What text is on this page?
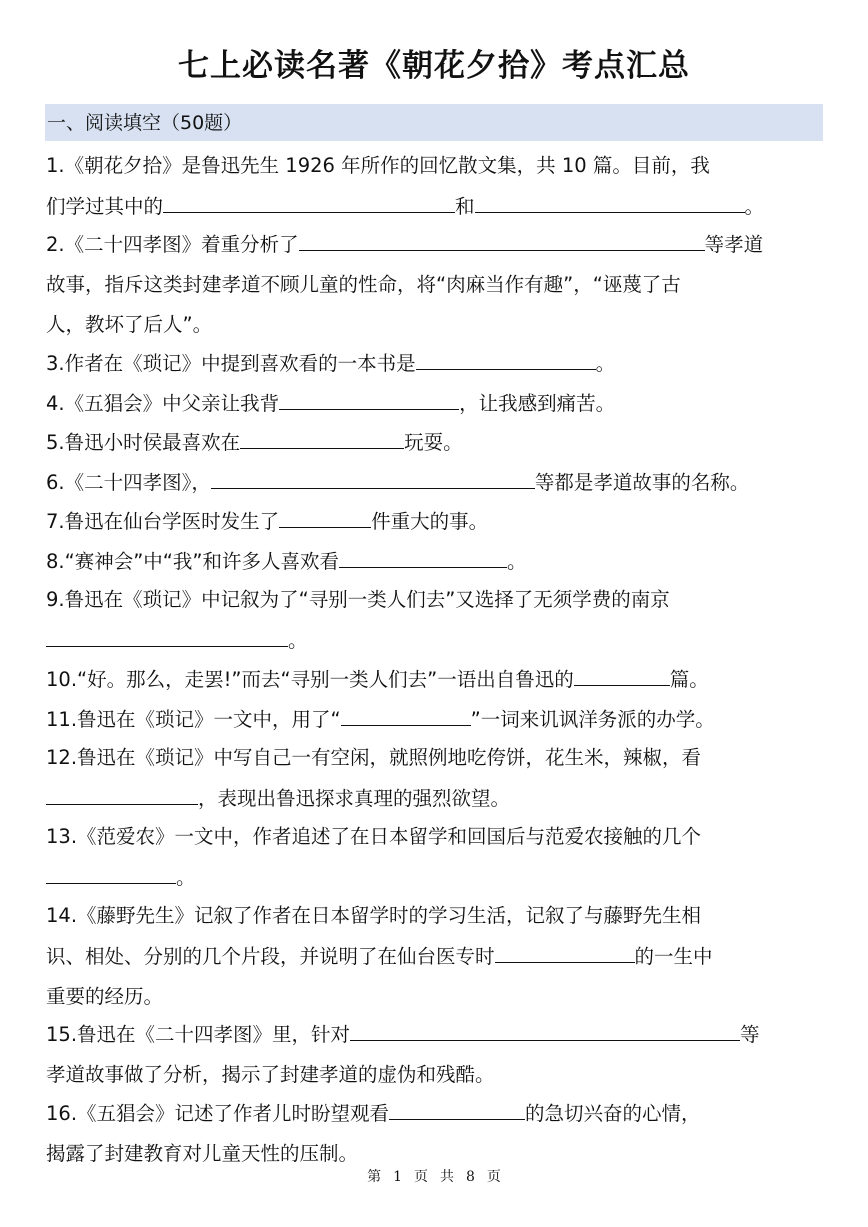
七上必读名著《朝花夕拾》考点汇总
一、阅读填空（50题）
1.《朝花夕拾》是鲁迅先生 1926 年所作的回忆散文集，共 10 篇。目前，我
们学过其中的	和	。
2.《二十四孝图》着重分析了	等孝道
故事，指斥这类封建孝道不顾儿童的性命，将“肉麻当作有趣”，“诬蔑了古
人，教坏了后人”。
3.作者在《琐记》中提到喜欢看的一本书是	。
4.《五猖会》中父亲让我背	，让我感到痛苦。
5.鲁迅小时侯最喜欢在	玩耍。
6.《二十四孝图》，	等都是孝道故事的名称。
7.鲁迅在仙台学医时发生了	件重大的事。
8.“赛神会”中“我”和许多人喜欢看	。
9.鲁迅在《琐记》中记叙为了“寻别一类人们去”又选择了无须学费的南京
。
10.“好。那么，走罢!”而去“寻别一类人们去”一语出自鲁迅的	篇。
11.鲁迅在《琐记》一文中，用了“	”一词来讥讽洋务派的办学。
12.鲁迅在《琐记》中写自己一有空闲，就照例地吃侉饼，花生米，辣椒，看
，表现出鲁迅探求真理的强烈欲望。
13.《范爱农》一文中，作者追述了在日本留学和回国后与范爱农接触的几个
。
14.《藤野先生》记叙了作者在日本留学时的学习生活，记叙了与藤野先生相
识、相处、分别的几个片段，并说明了在仙台医专时	的一生中
重要的经历。
15.鲁迅在《二十四孝图》里，针对	等
孝道故事做了分析，揭示了封建孝道的虚伪和残酷。
16.《五猖会》记述了作者儿时盼望观看	的急切兴奋的心情，
揭露了封建教育对儿童天性的压制。
第 1 页 共 8 页
